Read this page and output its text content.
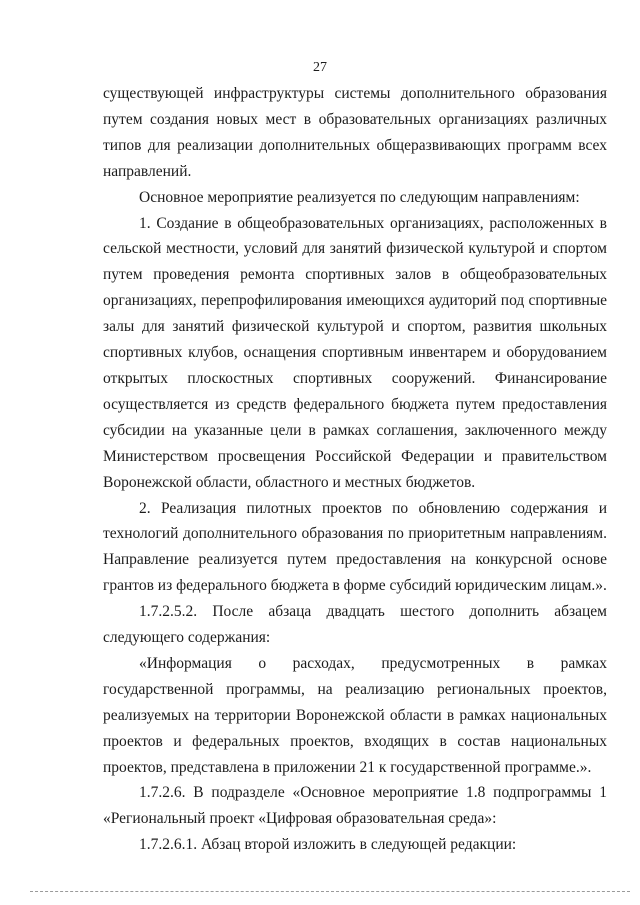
27

существующей инфраструктуры системы дополнительного образования путем создания новых мест в образовательных организациях различных типов для реализации дополнительных общеразвивающих программ всех направлений.

Основное мероприятие реализуется по следующим направлениям:

1. Создание в общеобразовательных организациях, расположенных в сельской местности, условий для занятий физической культурой и спортом путем проведения ремонта спортивных залов в общеобразовательных организациях, перепрофилирования имеющихся аудиторий под спортивные залы для занятий физической культурой и спортом, развития школьных спортивных клубов, оснащения спортивным инвентарем и оборудованием открытых плоскостных спортивных сооружений. Финансирование осуществляется из средств федерального бюджета путем предоставления субсидии на указанные цели в рамках соглашения, заключенного между Министерством просвещения Российской Федерации и правительством Воронежской области, областного и местных бюджетов.

2. Реализация пилотных проектов по обновлению содержания и технологий дополнительного образования по приоритетным направлениям. Направление реализуется путем предоставления на конкурсной основе грантов из федерального бюджета в форме субсидий юридическим лицам.».

1.7.2.5.2. После абзаца двадцать шестого дополнить абзацем следующего содержания:

«Информация о расходах, предусмотренных в рамках государственной программы, на реализацию региональных проектов, реализуемых на территории Воронежской области в рамках национальных проектов и федеральных проектов, входящих в состав национальных проектов, представлена в приложении 21 к государственной программе.».

1.7.2.6. В подразделе «Основное мероприятие 1.8 подпрограммы 1 «Региональный проект «Цифровая образовательная среда»:

1.7.2.6.1. Абзац второй изложить в следующей редакции:
